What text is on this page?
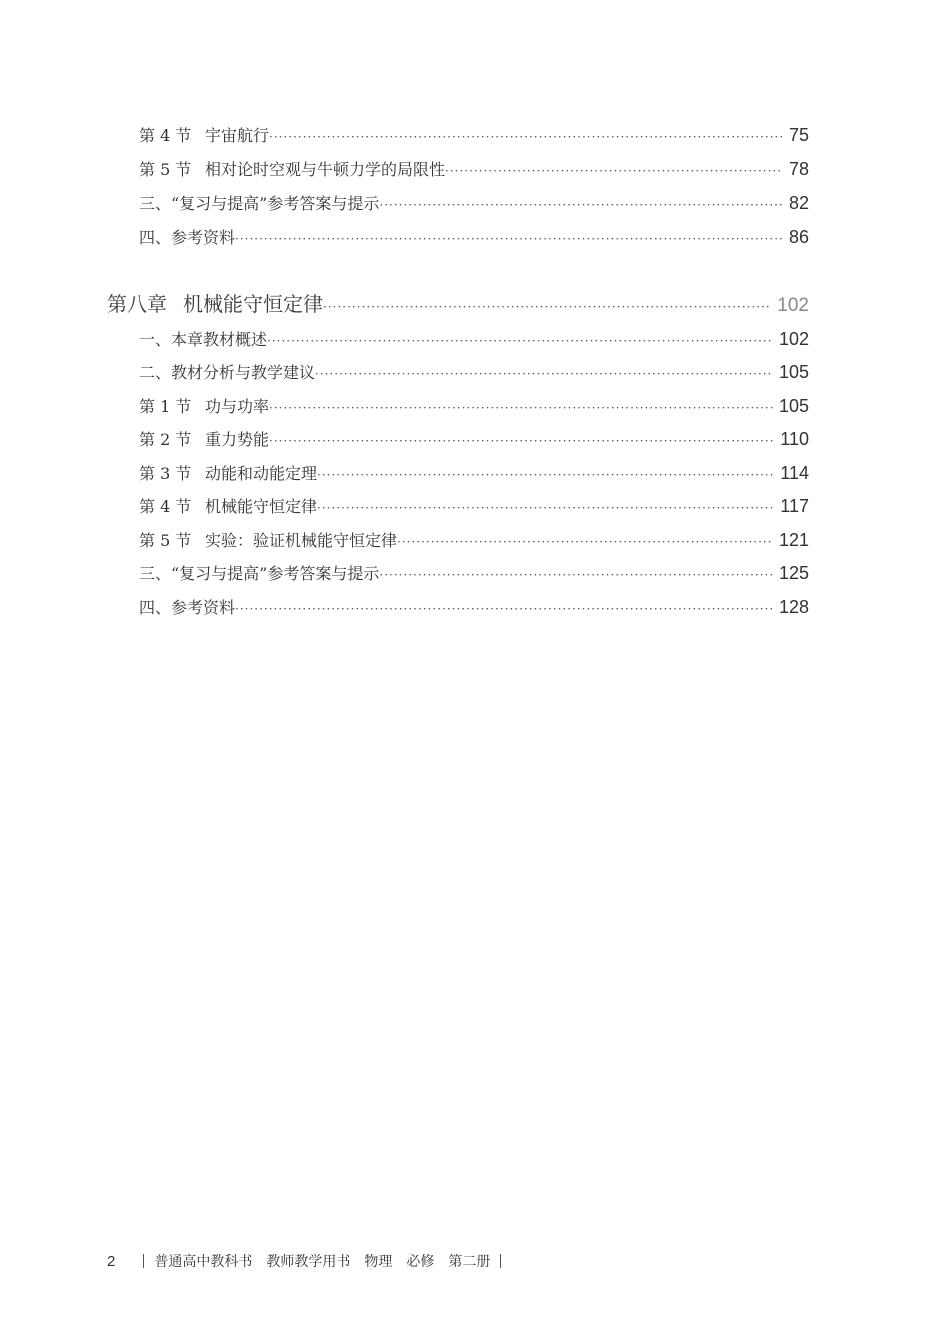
第 4 节 宇宙航行 ·····	75
第 5 节 相对论时空观与牛顿力学的局限性 ·····	78
三、“复习与提高”参考答案与提示 ·····	82
四、参考资料 ·····	86
第八章 机械能守恒定律 ·····	102
一、本章教材概述 ·····	102
二、教材分析与教学建议 ·····	105
第 1 节 功与功率 ·····	105
第 2 节 重力势能 ·····	110
第 3 节 动能和动能定理 ·····	114
第 4 节 机械能守恒定律 ·····	117
第 5 节 实验：验证机械能守恒定律 ·····	121
三、“复习与提高”参考答案与提示 ·····	125
四、参考资料 ·····	128
2	普通高中教科书 教师教学用书 物理 必修 第二册
